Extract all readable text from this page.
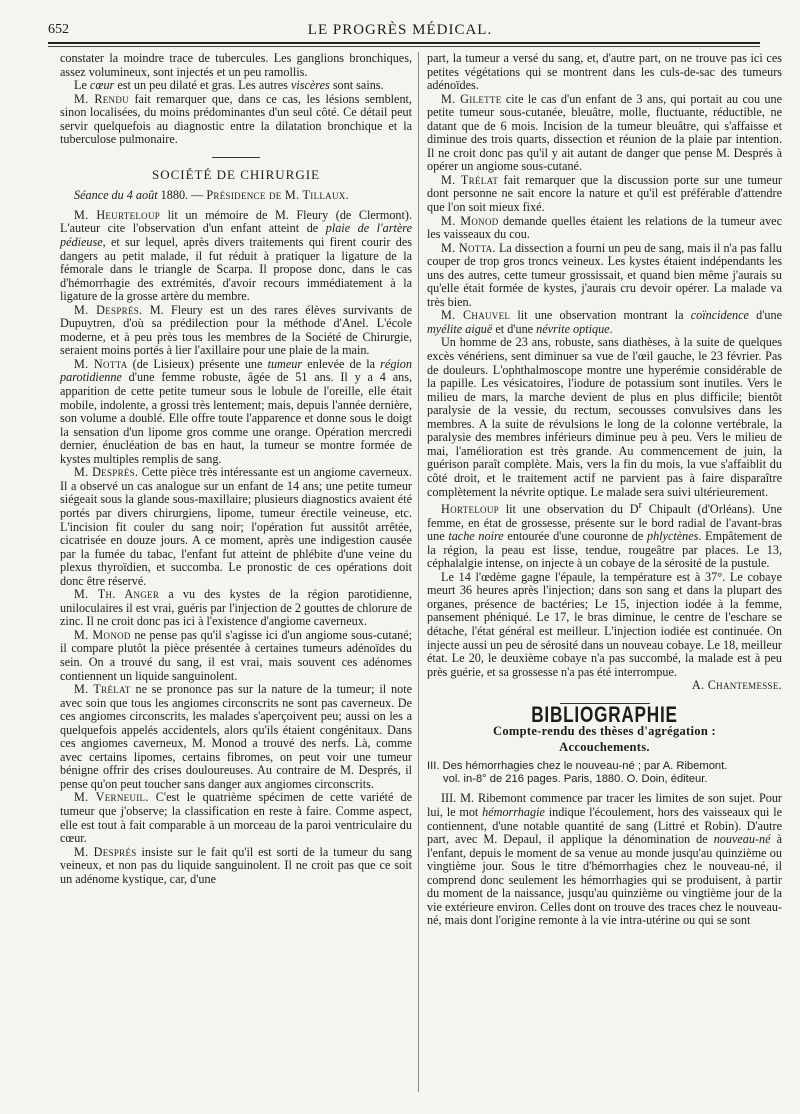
652	LE PROGRÈS MÉDICAL.

constater la moindre trace de tubercules. Les ganglions bronchiques, assez volumineux, sont injectés et un peu ramollis.

Le cœur est un peu dilaté et gras. Les autres viscères sont sains.

M. Rendu fait remarquer que, dans ce cas, les lésions semblent, sinon localisées, du moins prédominantes d'un seul côté. Ce détail peut servir quelquefois au diagnostic entre la dilatation bronchique et la tuberculose pulmonaire.

SOCIÉTÉ DE CHIRURGIE

Séance du 4 août 1880. — Présidence de M. Tillaux.

M. Heurteloup lit un mémoire de M. Fleury (de Clermont). L'auteur cite l'observation d'un enfant atteint de plaie de l'artère pédieuse, et sur lequel, après divers traitements qui firent courir des dangers au petit malade, il fut réduit à pratiquer la ligature de la fémorale dans le triangle de Scarpa. Il propose donc, dans le cas d'hémorrhagie des extrémités, d'avoir recours immédiatement à la ligature de la grosse artère du membre.

M. Després. M. Fleury est un des rares élèves survivants de Dupuytren, d'où sa prédilection pour la méthode d'Anel. L'école moderne, et à peu près tous les membres de la Société de Chirurgie, seraient moins portés à lier l'axillaire pour une plaie de la main.

M. Notta (de Lisieux) présente une tumeur enlevée de la région parotidienne d'une femme robuste, âgée de 51 ans. Il y a 4 ans, apparition de cette petite tumeur sous le lobule de l'oreille, elle était mobile, indolente, a grossi très lentement; mais, depuis l'année dernière, son volume a doublé. Elle offre toute l'apparence et donne sous le doigt la sensation d'un lipome gros comme une orange. Opération mercredi dernier, énucléation de bas en haut, la tumeur se montre formée de kystes multiples remplis de sang.

M. Després. Cette pièce très intéressante est un angiome caverneux. Il a observé un cas analogue sur un enfant de 14 ans; une petite tumeur siégeait sous la glande sous-maxillaire; plusieurs diagnostics avaient été portés par divers chirurgiens, lipome, tumeur érectile veineuse, etc. L'incision fit couler du sang noir; l'opération fut aussitôt arrêtée, cicatrisée en douze jours. A ce moment, après une indigestion causée par la fumée du tabac, l'enfant fut atteint de phlébite d'une veine du plexus thyroïdien, et succomba. Le pronostic de ces opérations doit donc être réservé.

M. Th. Anger a vu des kystes de la région parotidienne, uniloculaires il est vrai, guéris par l'injection de 2 gouttes de chlorure de zinc. Il ne croit donc pas ici à l'existence d'angiome caverneux.

M. Monod ne pense pas qu'il s'agisse ici d'un angiome sous-cutané; il compare plutôt la pièce présentée à certaines tumeurs adénoïdes du sein. On a trouvé du sang, il est vrai, mais souvent ces adénomes contiennent un liquide sanguinolent.

M. Trélat ne se prononce pas sur la nature de la tumeur; il note avec soin que tous les angiomes circonscrits ne sont pas caverneux. De ces angiomes circonscrits, les malades s'aperçoivent peu; aussi on les a quelquefois appelés accidentels, alors qu'ils étaient congénitaux. Dans ces angiomes caverneux, M. Monod a trouvé des nerfs. Là, comme avec certains lipomes, certains fibromes, on peut voir une tumeur bénigne offrir des crises douloureuses. Au contraire de M. Després, il pense qu'on peut toucher sans danger aux angiomes circonscrits.

M. Verneuil. C'est le quatrième spécimen de cette variété de tumeur que j'observe; la classification en reste à faire. Comme aspect, elle est tout à fait comparable à un morceau de la paroi ventriculaire du cœur.

M. Després insiste sur le fait qu'il est sorti de la tumeur du sang veineux, et non pas du liquide sanguinolent. Il ne croit pas que ce soit un adénome kystique, car, d'une

part, la tumeur a versé du sang, et, d'autre part, on ne trouve pas ici ces petites végétations qui se montrent dans les culs-de-sac des tumeurs adénoïdes.

M. Gilette cite le cas d'un enfant de 3 ans, qui portait au cou une petite tumeur sous-cutanée, bleuâtre, molle, fluctuante, réductible, ne datant que de 6 mois. Incision de la tumeur bleuâtre, qui s'affaisse et diminue des trois quarts, dissection et réunion de la plaie par intention. Il ne croit donc pas qu'il y ait autant de danger que pense M. Després à opérer un angiome sous-cutané.

M. Trélat fait remarquer que la discussion porte sur une tumeur dont personne ne sait encore la nature et qu'il est préférable d'attendre que l'on soit mieux fixé.

M. Monod demande quelles étaient les relations de la tumeur avec les vaisseaux du cou.

M. Notta. La dissection a fourni un peu de sang, mais il n'a pas fallu couper de trop gros troncs veineux. Les kystes étaient indépendants les uns des autres, cette tumeur grossissait, et quand bien même j'aurais su qu'elle était formée de kystes, j'aurais cru devoir opérer. La malade va très bien.

M. Chauvel lit une observation montrant la coïncidence d'une myélite aiguë et d'une névrite optique.

Un homme de 23 ans, robuste, sans diathèses, à la suite de quelques excès vénériens, sent diminuer sa vue de l'œil gauche, le 23 février. Pas de douleurs. L'ophthalmoscope montre une hyperémie considérable de la papille. Les vésicatoires, l'iodure de potassium sont inutiles. Vers le milieu de mars, la marche devient de plus en plus difficile; bientôt paralysie de la vessie, du rectum, secousses convulsives dans les membres. A la suite de révulsions le long de la colonne vertébrale, la paralysie des membres inférieurs diminue peu à peu. Vers le milieu de mai, l'amélioration est très grande. Au commencement de juin, la guérison paraît complète. Mais, vers la fin du mois, la vue s'affaiblit du côté droit, et le traitement actif ne parvient pas à faire disparaître complètement la névrite optique. Le malade sera suivi ultérieurement.

Horteloup lit une observation du $D^r$ Chipault (d'Orléans). Une femme, en état de grossesse, présente sur le bord radial de l'avant-bras une tache noire entourée d'une couronne de phlyctènes. Empâtement de la région, la peau est lisse, tendue, rougeâtre par places. Le 13, céphalalgie intense, on injecte à un cobaye de la sérosité de la pustule.

Le 14 l'œdème gagne l'épaule, la température est à 37°. Le cobaye meurt 36 heures après l'injection; dans son sang et dans la plupart des organes, présence de bactéries; Le 15, injection iodée à la femme, pansement phéniqué. Le 17, le bras diminue, le centre de l'eschare se détache, l'état général est meilleur. L'injection iodiée est continuée. On injecte aussi un peu de sérosité dans un nouveau cobaye. Le 18, meilleur état. Le 20, le deuxième cobaye n'a pas succombé, la malade est à peu près guérie, et sa grossesse n'a pas été interrompue.
A. Chantemesse.

BIBLIOGRAPHIE
Compte-rendu des thèses d'agrégation :
Accouchements.
III. Des hémorrhagies chez le nouveau-né ; par A. Ribemont.
vol. in-8° de 216 pages. Paris, 1880. O. Doin, éditeur.

III. M. Ribemont commence par tracer les limites de son sujet. Pour lui, le mot hémorrhagie indique l'écoulement, hors des vaisseaux qui le contiennent, d'une notable quantité de sang (Littré et Robin). D'autre part, avec M. Depaul, il applique la dénomination de nouveau-né à l'enfant, depuis le moment de sa venue au monde jusqu'au quinzième ou vingtième jour. Sous le titre d'hémorrhagies chez le nouveau-né, il comprend donc seulement les hémorrhagies qui se produisent, à partir du moment de la naissance, jusqu'au quinzième ou vingtième jour de la vie extérieure environ. Celles dont on trouve des traces chez le nouveau-né, mais dont l'origine remonte à la vie intra-utérine ou qui se sont
